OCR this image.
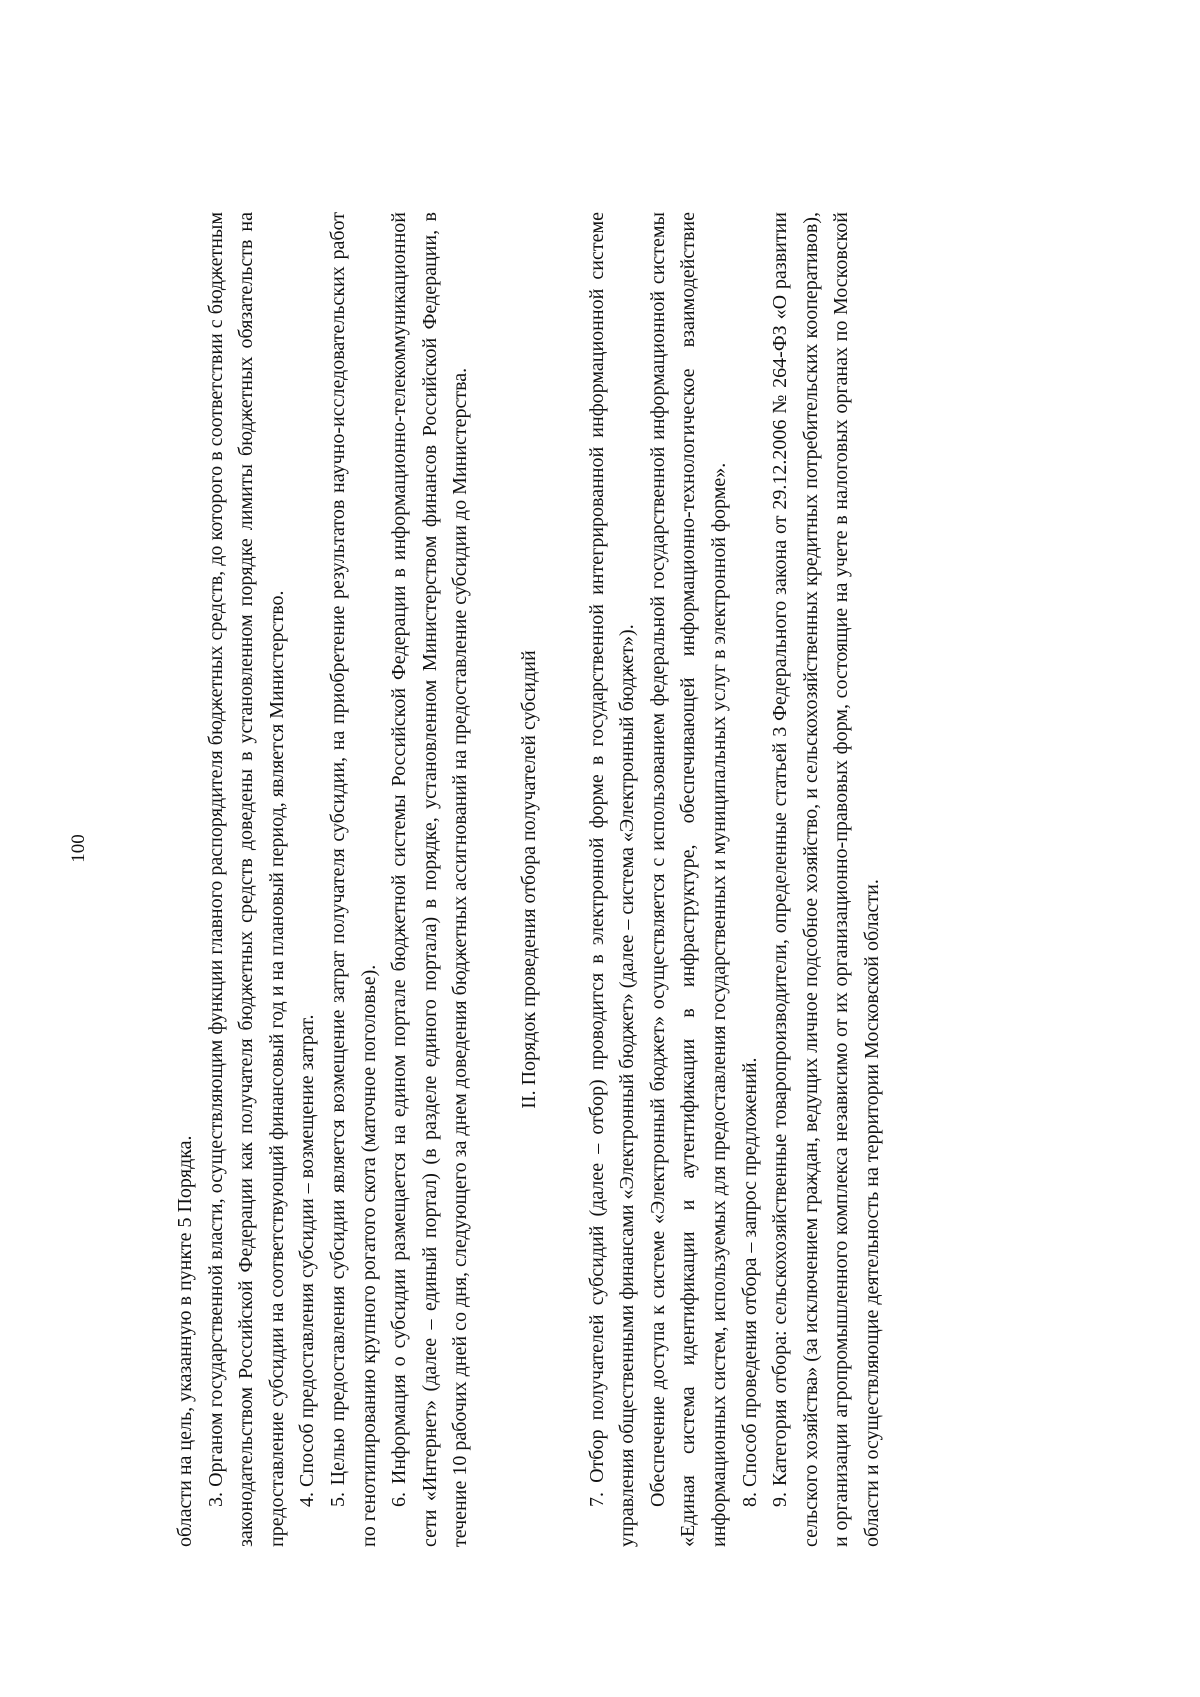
100

области на цель, указанную в пункте 5 Порядка. 3. Органом государственной власти, осуществляющим функции главного распорядителя бюджетных средств, до которого в соответствии с бюджетным законодательством Российской Федерации как получателя бюджетных средств доведены в установленном порядке лимиты бюджетных обязательств на предоставление субсидии на соответствующий финансовый год и на плановый период, является Министерство. 4. Способ предоставления субсидии – возмещение затрат. 5. Целью предоставления субсидии является возмещение затрат получателя субсидии, на приобретение результатов научно-исследовательских работ по генотипированию крупного рогатого скота (маточное поголовье). 6. Информация о субсидии размещается на едином портале бюджетной системы Российской Федерации в информационно-телекоммуникационной сети «Интернет» (далее – единый портал) (в разделе единого портала) в порядке, установленном Министерством финансов Российской Федерации, в течение 10 рабочих дней со дня, следующего за днем доведения бюджетных ассигнований на предоставление субсидии до Министерства. II. Порядок проведения отбора получателей субсидий 7. Отбор получателей субсидий (далее – отбор) проводится в электронной форме в государственной интегрированной информационной системе управления общественными финансами «Электронный бюджет» (далее – система «Электронный бюджет»). Обеспечение доступа к системе «Электронный бюджет» осуществляется с использованием федеральной государственной информационной системы «Единая система идентификации и аутентификации в инфраструктуре, обеспечивающей информационно-технологическое взаимодействие информационных систем, используемых для предоставления государственных и муниципальных услуг в электронной форме». 8. Способ проведения отбора – запрос предложений. 9. Категория отбора: сельскохозяйственные товаропроизводители, определенные статьей 3 Федерального закона от 29.12.2006 № 264-ФЗ «О развитии сельского хозяйства» (за исключением граждан, ведущих личное подсобное хозяйство, и сельскохозяйственных кредитных потребительских кооперативов), и организации агропромышленного комплекса независимо от их организационно-правовых форм, состоящие на учете в налоговых органах по Московской области и осуществляющие деятельность на территории Московской области.
